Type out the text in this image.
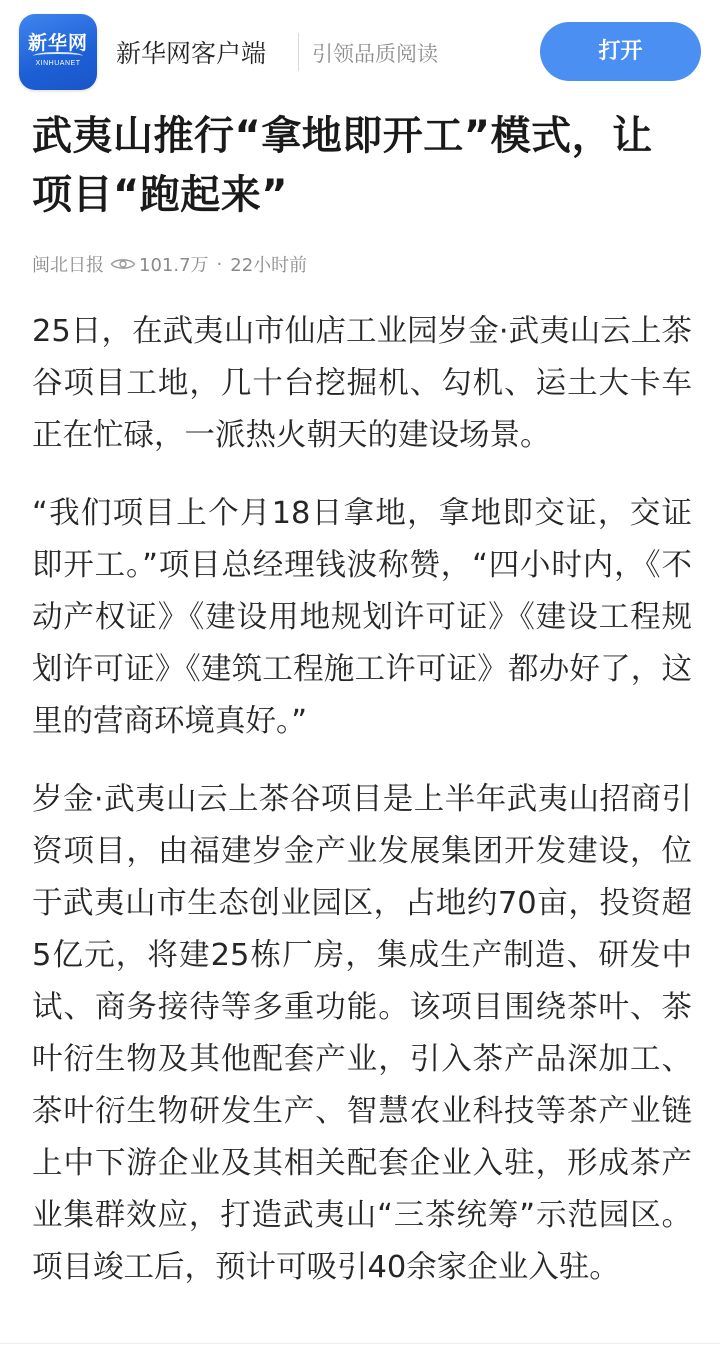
新华网
XINHUANET	新华网客户端 引领品质阅读	打开
武夷山推行“拿地即开工”模式，让项目“跑起来”
闽北日报 101.7万 · 22小时前

25日，在武夷山市仙店工业园岁金·武夷山云上茶谷项目工地，几十台挖掘机、勾机、运土大卡车正在忙碌，一派热火朝天的建设场景。

“我们项目上个月18日拿地，拿地即交证，交证即开工。”项目总经理钱波称赞，“四小时内，《不动产权证》《建设用地规划许可证》《建设工程规划许可证》《建筑工程施工许可证》都办好了，这里的营商环境真好。”

岁金·武夷山云上茶谷项目是上半年武夷山招商引资项目，由福建岁金产业发展集团开发建设，位于武夷山市生态创业园区，占地约70亩，投资超5亿元，将建25栋厂房，集成生产制造、研发中试、商务接待等多重功能。该项目围绕茶叶、茶叶衍生物及其他配套产业，引入茶产品深加工、茶叶衍生物研发生产、智慧农业科技等茶产业链上中下游企业及其相关配套企业入驻，形成茶产业集群效应，打造武夷山“三茶统筹”示范园区。项目竣工后，预计可吸引40余家企业入驻。
